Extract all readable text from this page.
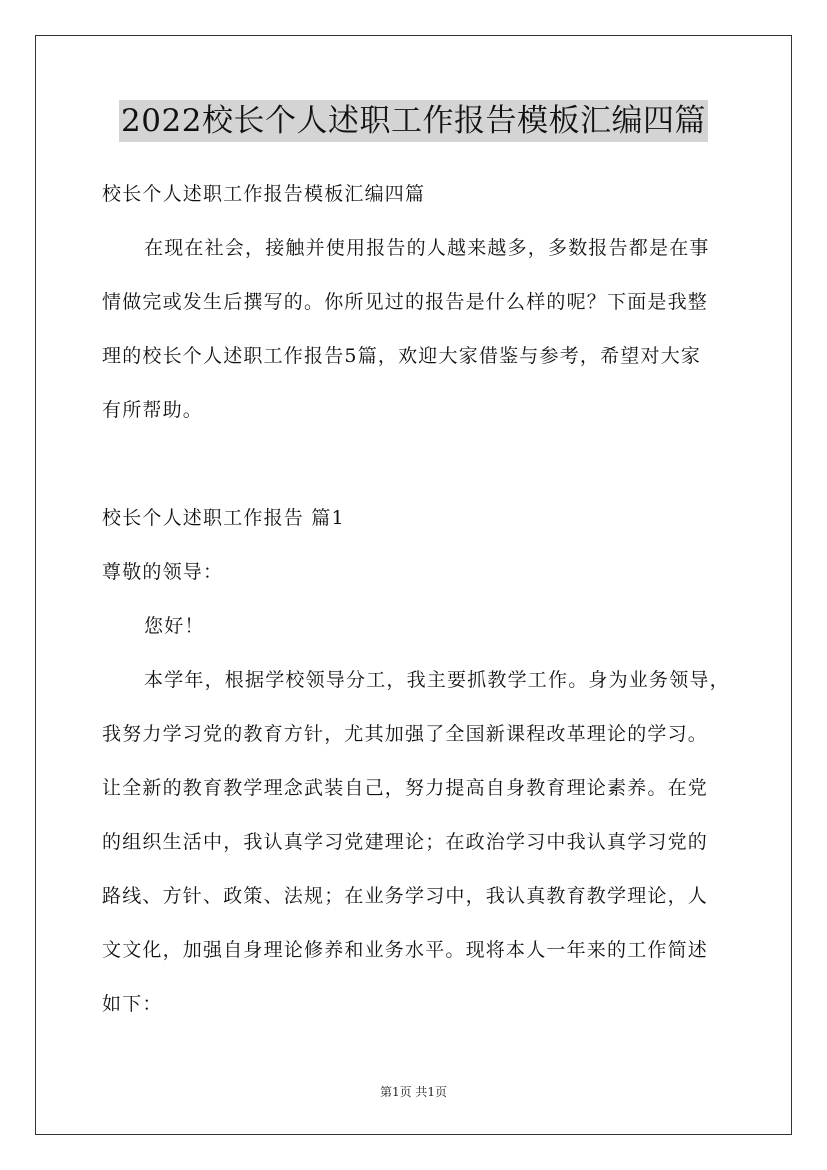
2022校长个人述职工作报告模板汇编四篇
校长个人述职工作报告模板汇编四篇
在现在社会，接触并使用报告的人越来越多，多数报告都是在事
情做完或发生后撰写的。你所见过的报告是什么样的呢？下面是我整
理的校长个人述职工作报告5篇，欢迎大家借鉴与参考，希望对大家
有所帮助。
校长个人述职工作报告 篇1
尊敬的领导：
您好！
本学年，根据学校领导分工，我主要抓教学工作。身为业务领导，
我努力学习党的教育方针，尤其加强了全国新课程改革理论的学习。
让全新的教育教学理念武装自己，努力提高自身教育理论素养。在党
的组织生活中，我认真学习党建理论；在政治学习中我认真学习党的
路线、方针、政策、法规；在业务学习中，我认真教育教学理论，人
文文化，加强自身理论修养和业务水平。现将本人一年来的工作简述
如下：
第1页 共1页
